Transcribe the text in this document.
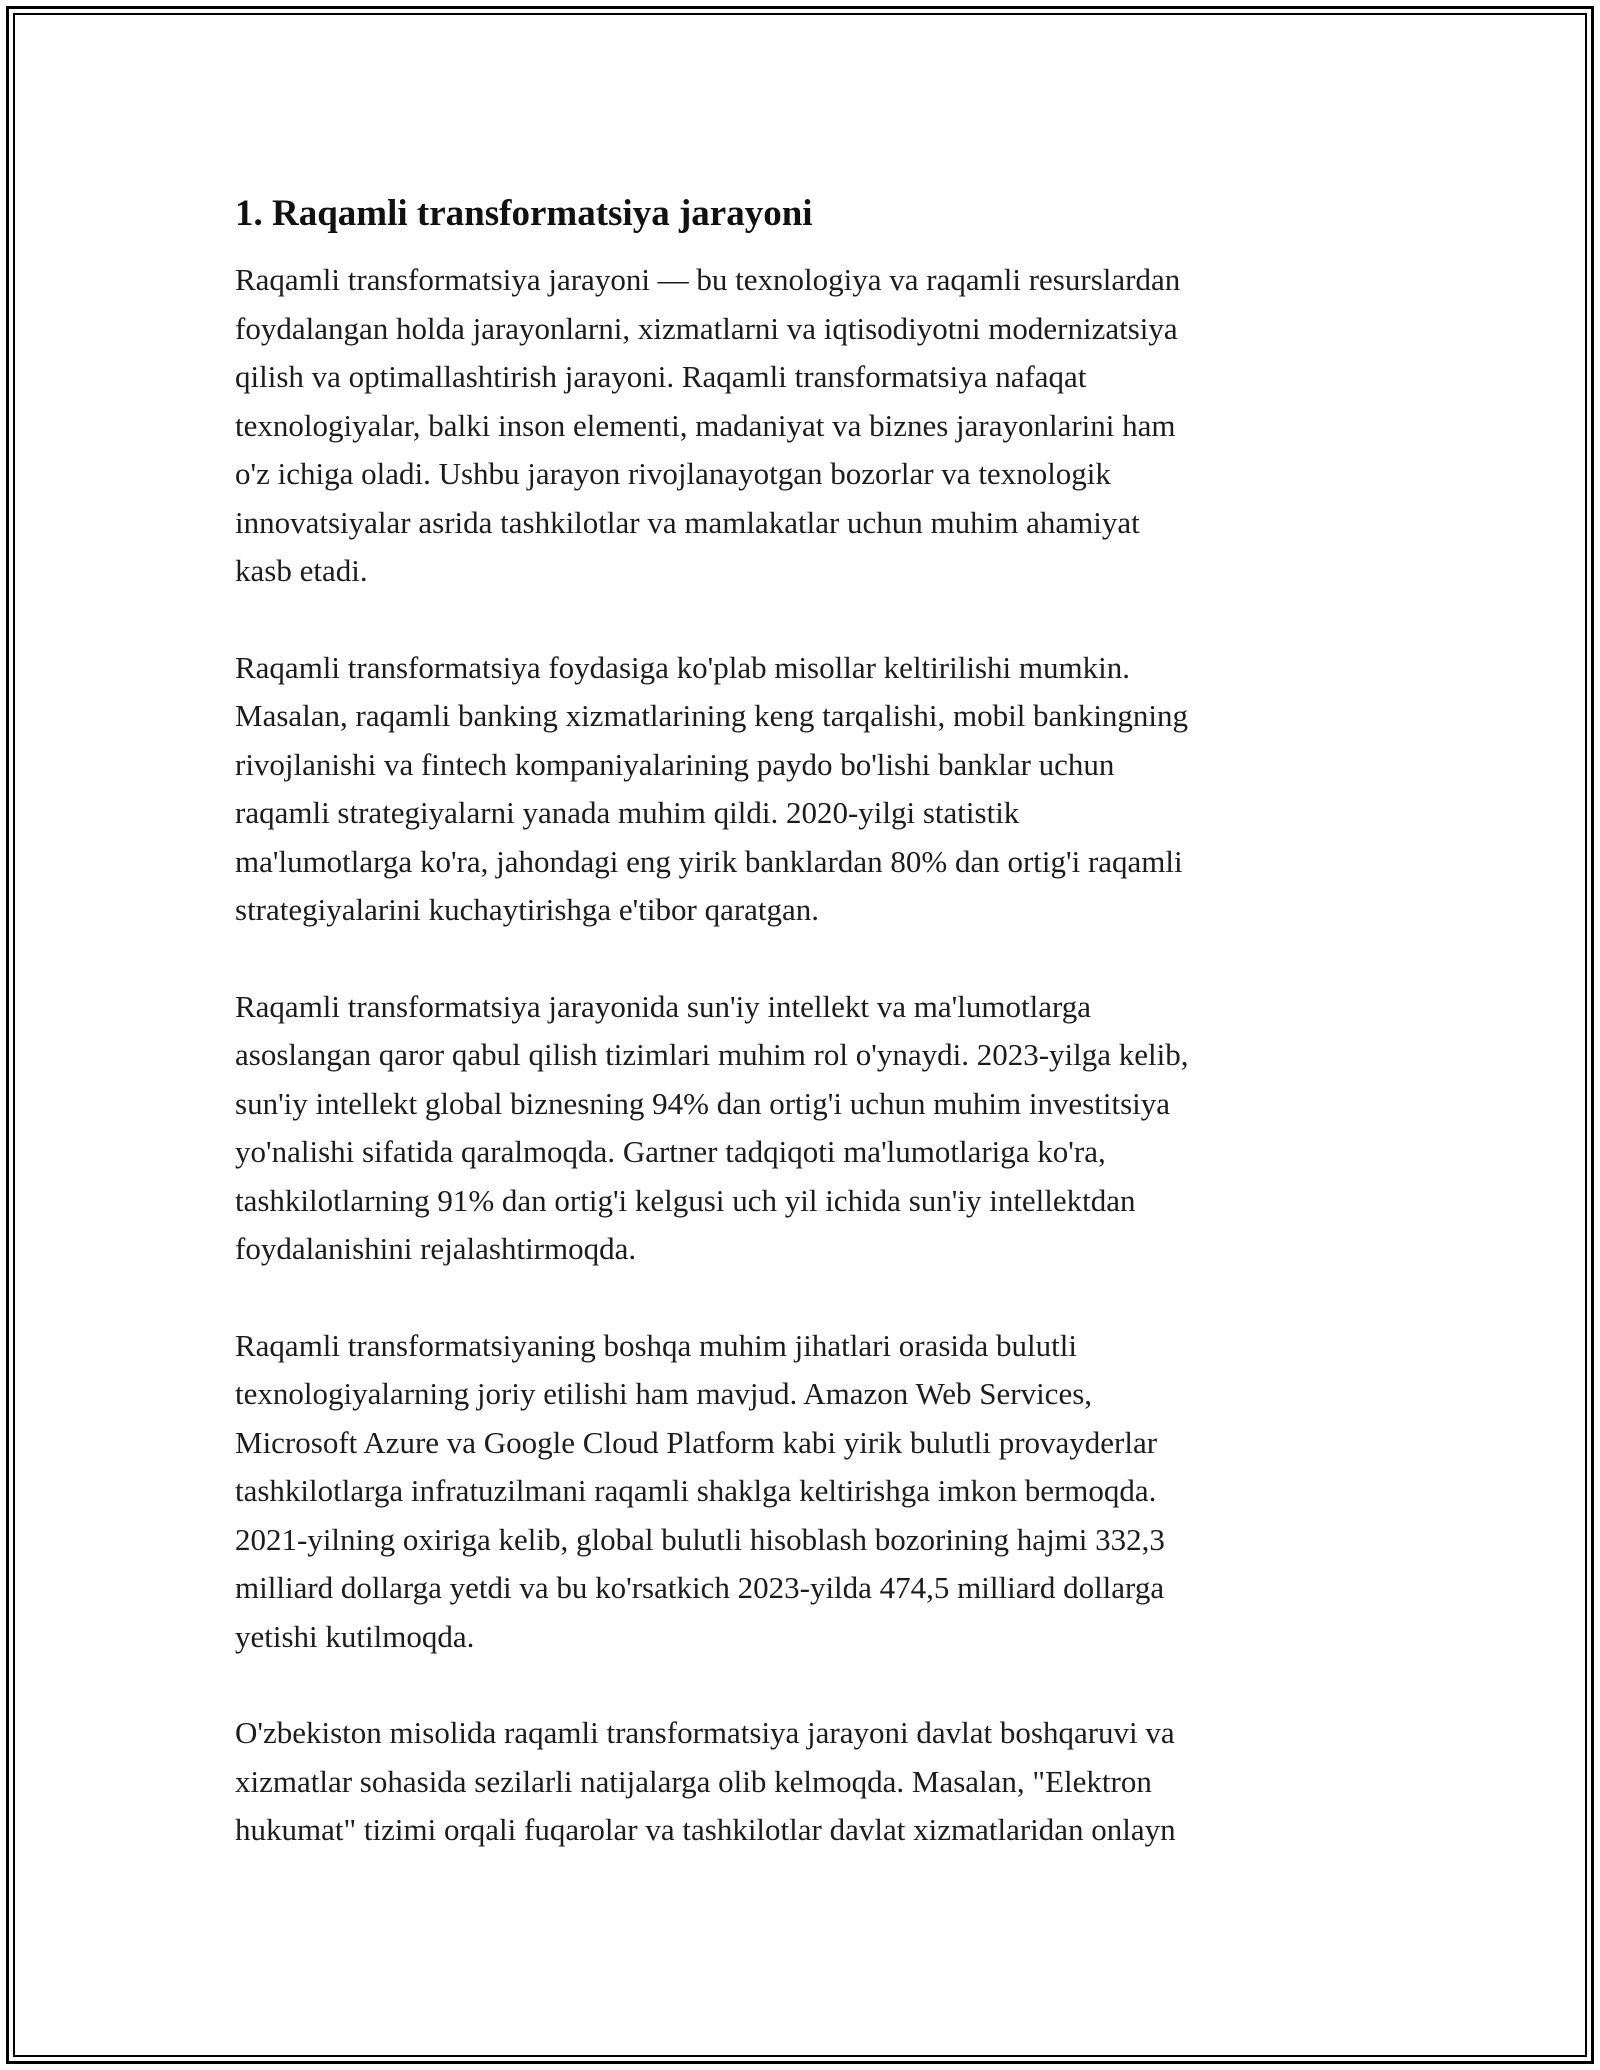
1. Raqamli transformatsiya jarayoni

Raqamli transformatsiya jarayoni — bu texnologiya va raqamli resurslardan
foydalangan holda jarayonlarni, xizmatlarni va iqtisodiyotni modernizatsiya
qilish va optimallashtirish jarayoni. Raqamli transformatsiya nafaqat
texnologiyalar, balki inson elementi, madaniyat va biznes jarayonlarini ham
o'z ichiga oladi. Ushbu jarayon rivojlanayotgan bozorlar va texnologik
innovatsiyalar asrida tashkilotlar va mamlakatlar uchun muhim ahamiyat
kasb etadi.

Raqamli transformatsiya foydasiga ko'plab misollar keltirilishi mumkin.
Masalan, raqamli banking xizmatlarining keng tarqalishi, mobil bankingning
rivojlanishi va fintech kompaniyalarining paydo bo'lishi banklar uchun
raqamli strategiyalarni yanada muhim qildi. 2020-yilgi statistik
ma'lumotlarga ko'ra, jahondagi eng yirik banklardan 80% dan ortig'i raqamli
strategiyalarini kuchaytirishga e'tibor qaratgan.

Raqamli transformatsiya jarayonida sun'iy intellekt va ma'lumotlarga
asoslangan qaror qabul qilish tizimlari muhim rol o'ynaydi. 2023-yilga kelib,
sun'iy intellekt global biznesning 94% dan ortig'i uchun muhim investitsiya
yo'nalishi sifatida qaralmoqda. Gartner tadqiqoti ma'lumotlariga ko'ra,
tashkilotlarning 91% dan ortig'i kelgusi uch yil ichida sun'iy intellektdan
foydalanishini rejalashtirmoqda.

Raqamli transformatsiyaning boshqa muhim jihatlari orasida bulutli
texnologiyalarning joriy etilishi ham mavjud. Amazon Web Services,
Microsoft Azure va Google Cloud Platform kabi yirik bulutli provayderlar
tashkilotlarga infratuzilmani raqamli shaklga keltirishga imkon bermoqda.
2021-yilning oxiriga kelib, global bulutli hisoblash bozorining hajmi 332,3
milliard dollarga yetdi va bu ko'rsatkich 2023-yilda 474,5 milliard dollarga
yetishi kutilmoqda.

O'zbekiston misolida raqamli transformatsiya jarayoni davlat boshqaruvi va
xizmatlar sohasida sezilarli natijalarga olib kelmoqda. Masalan, "Elektron
hukumat" tizimi orqali fuqarolar va tashkilotlar davlat xizmatlaridan onlayn
